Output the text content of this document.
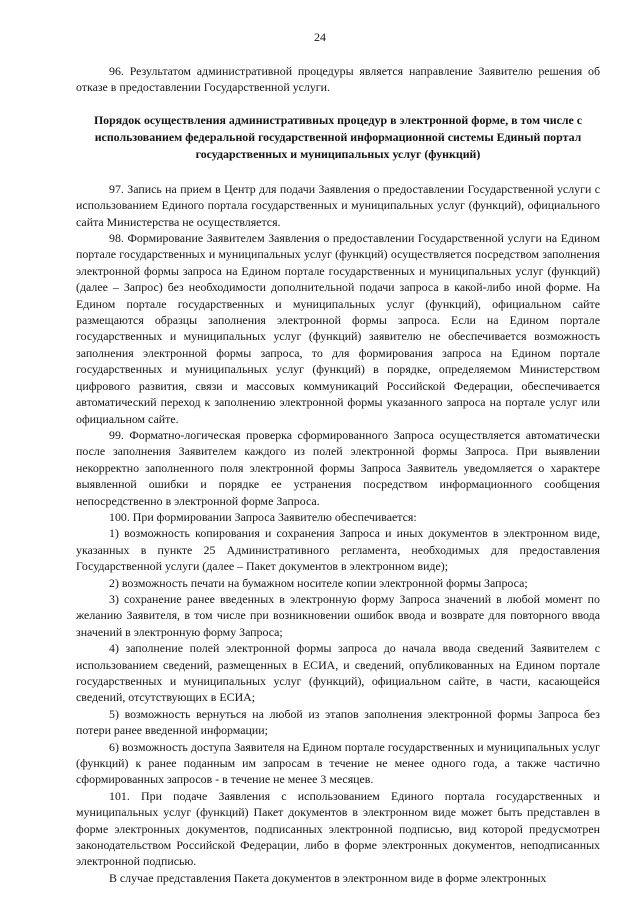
24

96. Результатом административной процедуры является направление Заявителю решения об отказе в предоставлении Государственной услуги.

Порядок осуществления административных процедур в электронной форме, в том числе с использованием федеральной государственной информационной системы Единый портал государственных и муниципальных услуг (функций)

97. Запись на прием в Центр для подачи Заявления о предоставлении Государственной услуги с использованием Единого портала государственных и муниципальных услуг (функций), официального сайта Министерства не осуществляется.

98. Формирование Заявителем Заявления о предоставлении Государственной услуги на Едином портале государственных и муниципальных услуг (функций) осуществляется посредством заполнения электронной формы запроса на Едином портале государственных и муниципальных услуг (функций) (далее – Запрос) без необходимости дополнительной подачи запроса в какой-либо иной форме. На Едином портале государственных и муниципальных услуг (функций), официальном сайте размещаются образцы заполнения электронной формы запроса. Если на Едином портале государственных и муниципальных услуг (функций) заявителю не обеспечивается возможность заполнения электронной формы запроса, то для формирования запроса на Едином портале государственных и муниципальных услуг (функций) в порядке, определяемом Министерством цифрового развития, связи и массовых коммуникаций Российской Федерации, обеспечивается автоматический переход к заполнению электронной формы указанного запроса на портале услуг или официальном сайте.

99. Форматно-логическая проверка сформированного Запроса осуществляется автоматически после заполнения Заявителем каждого из полей электронной формы Запроса. При выявлении некорректно заполненного поля электронной формы Запроса Заявитель уведомляется о характере выявленной ошибки и порядке ее устранения посредством информационного сообщения непосредственно в электронной форме Запроса.

100. При формировании Запроса Заявителю обеспечивается:

1) возможность копирования и сохранения Запроса и иных документов в электронном виде, указанных в пункте 25 Административного регламента, необходимых для предоставления Государственной услуги (далее – Пакет документов в электронном виде);

2) возможность печати на бумажном носителе копии электронной формы Запроса;

3) сохранение ранее введенных в электронную форму Запроса значений в любой момент по желанию Заявителя, в том числе при возникновении ошибок ввода и возврате для повторного ввода значений в электронную форму Запроса;

4) заполнение полей электронной формы запроса до начала ввода сведений Заявителем с использованием сведений, размещенных в ЕСИА, и сведений, опубликованных на Едином портале государственных и муниципальных услуг (функций), официальном сайте, в части, касающейся сведений, отсутствующих в ЕСИА;

5) возможность вернуться на любой из этапов заполнения электронной формы Запроса без потери ранее введенной информации;

6) возможность доступа Заявителя на Едином портале государственных и муниципальных услуг (функций) к ранее поданным им запросам в течение не менее одного года, а также частично сформированных запросов - в течение не менее 3 месяцев.

101. При подаче Заявления с использованием Единого портала государственных и муниципальных услуг (функций) Пакет документов в электронном виде может быть представлен в форме электронных документов, подписанных электронной подписью, вид которой предусмотрен законодательством Российской Федерации, либо в форме электронных документов, неподписанных электронной подписью.

В случае представления Пакета документов в электронном виде в форме электронных
